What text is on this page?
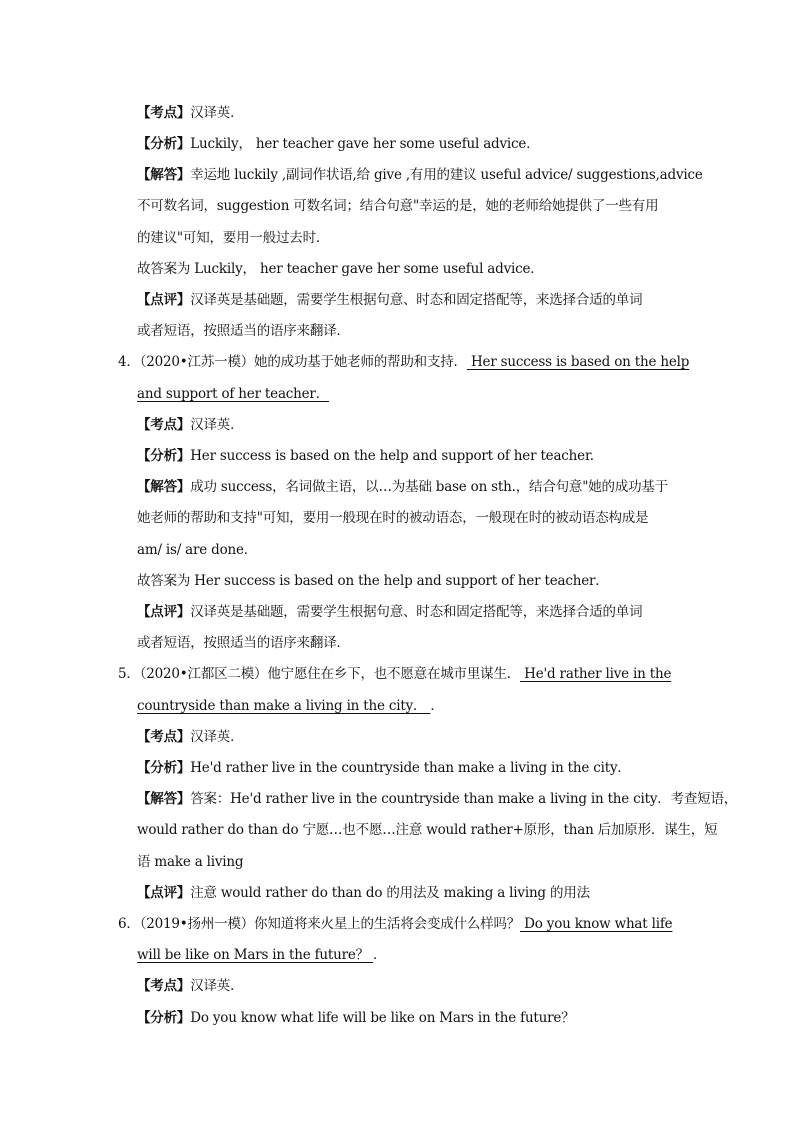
【考点】汉译英．
【分析】Luckily， her teacher gave her some useful advice．
【解答】幸运地 luckily ,副词作状语,给 give ,有用的建议 useful advice/ suggestions,advice
不可数名词，suggestion 可数名词；结合句意"幸运的是，她的老师给她提供了一些有用
的建议"可知，要用一般过去时．
故答案为 Luckily， her teacher gave her some useful advice．
【点评】汉译英是基础题，需要学生根据句意、时态和固定搭配等，来选择合适的单词
或者短语，按照适当的语序来翻译．
4．（2020•江苏一模）她的成功基于她老师的帮助和支持． Her success is based on the help
and support of her teacher．
【考点】汉译英．
【分析】Her success is based on the help and support of her teacher.
【解答】成功 success，名词做主语，以…为基础 base on sth.，结合句意"她的成功基于
她老师的帮助和支持"可知，要用一般现在时的被动语态，一般现在时的被动语态构成是
am/ is/ are done．
故答案为 Her success is based on the help and support of her teacher．
【点评】汉译英是基础题，需要学生根据句意、时态和固定搭配等，来选择合适的单词
或者短语，按照适当的语序来翻译．
5．（2020•江都区二模）他宁愿住在乡下，也不愿意在城市里谋生． He'd rather live in the
countryside than make a living in the city． ．
【考点】汉译英．
【分析】He'd rather live in the countryside than make a living in the city．
【解答】答案：He'd rather live in the countryside than make a living in the city．考查短语，
would rather do than do 宁愿…也不愿…注意 would rather+原形，than 后加原形．谋生，短
语 make a living
【点评】注意 would rather do than do 的用法及 making a living 的用法
6．（2019•扬州一模）你知道将来火星上的生活将会变成什么样吗？ Do you know what life
will be like on Mars in the future？ ．
【考点】汉译英．
【分析】Do you know what life will be like on Mars in the future？
